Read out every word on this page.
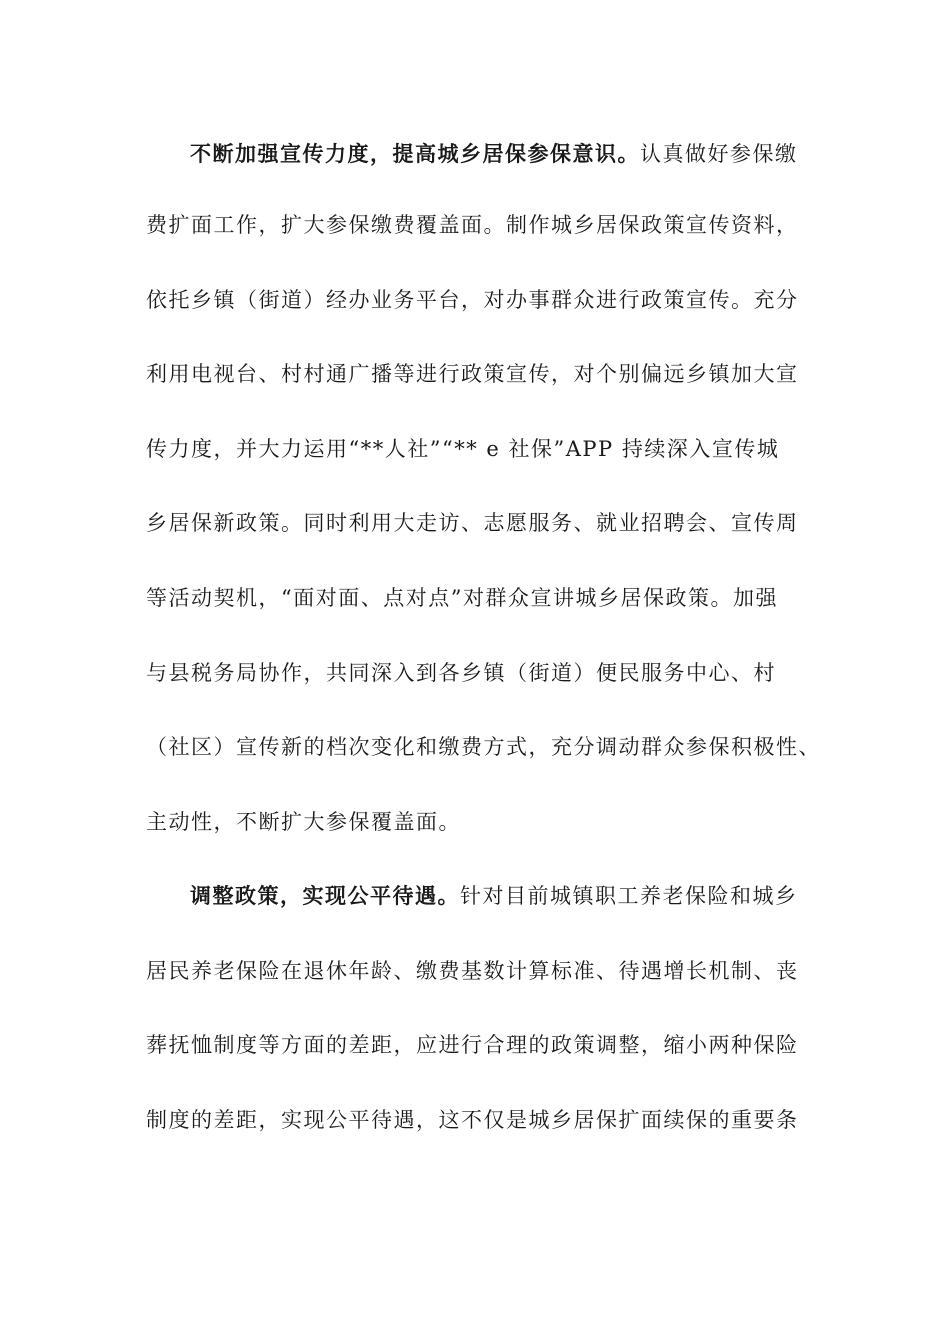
不断加强宣传力度，提高城乡居保参保意识。认真做好参保缴
费扩面工作，扩大参保缴费覆盖面。制作城乡居保政策宣传资料，
依托乡镇（街道）经办业务平台，对办事群众进行政策宣传。充分
利用电视台、村村通广播等进行政策宣传，对个别偏远乡镇加大宣
传力度，并大力运用“**人社”“** e 社保”APP 持续深入宣传城
乡居保新政策。同时利用大走访、志愿服务、就业招聘会、宣传周
等活动契机，“面对面、点对点”对群众宣讲城乡居保政策。加强
与县税务局协作，共同深入到各乡镇（街道）便民服务中心、村
（社区）宣传新的档次变化和缴费方式，充分调动群众参保积极性、
主动性，不断扩大参保覆盖面。
调整政策，实现公平待遇。针对目前城镇职工养老保险和城乡
居民养老保险在退休年龄、缴费基数计算标准、待遇增长机制、丧
葬抚恤制度等方面的差距，应进行合理的政策调整，缩小两种保险
制度的差距，实现公平待遇，这不仅是城乡居保扩面续保的重要条
